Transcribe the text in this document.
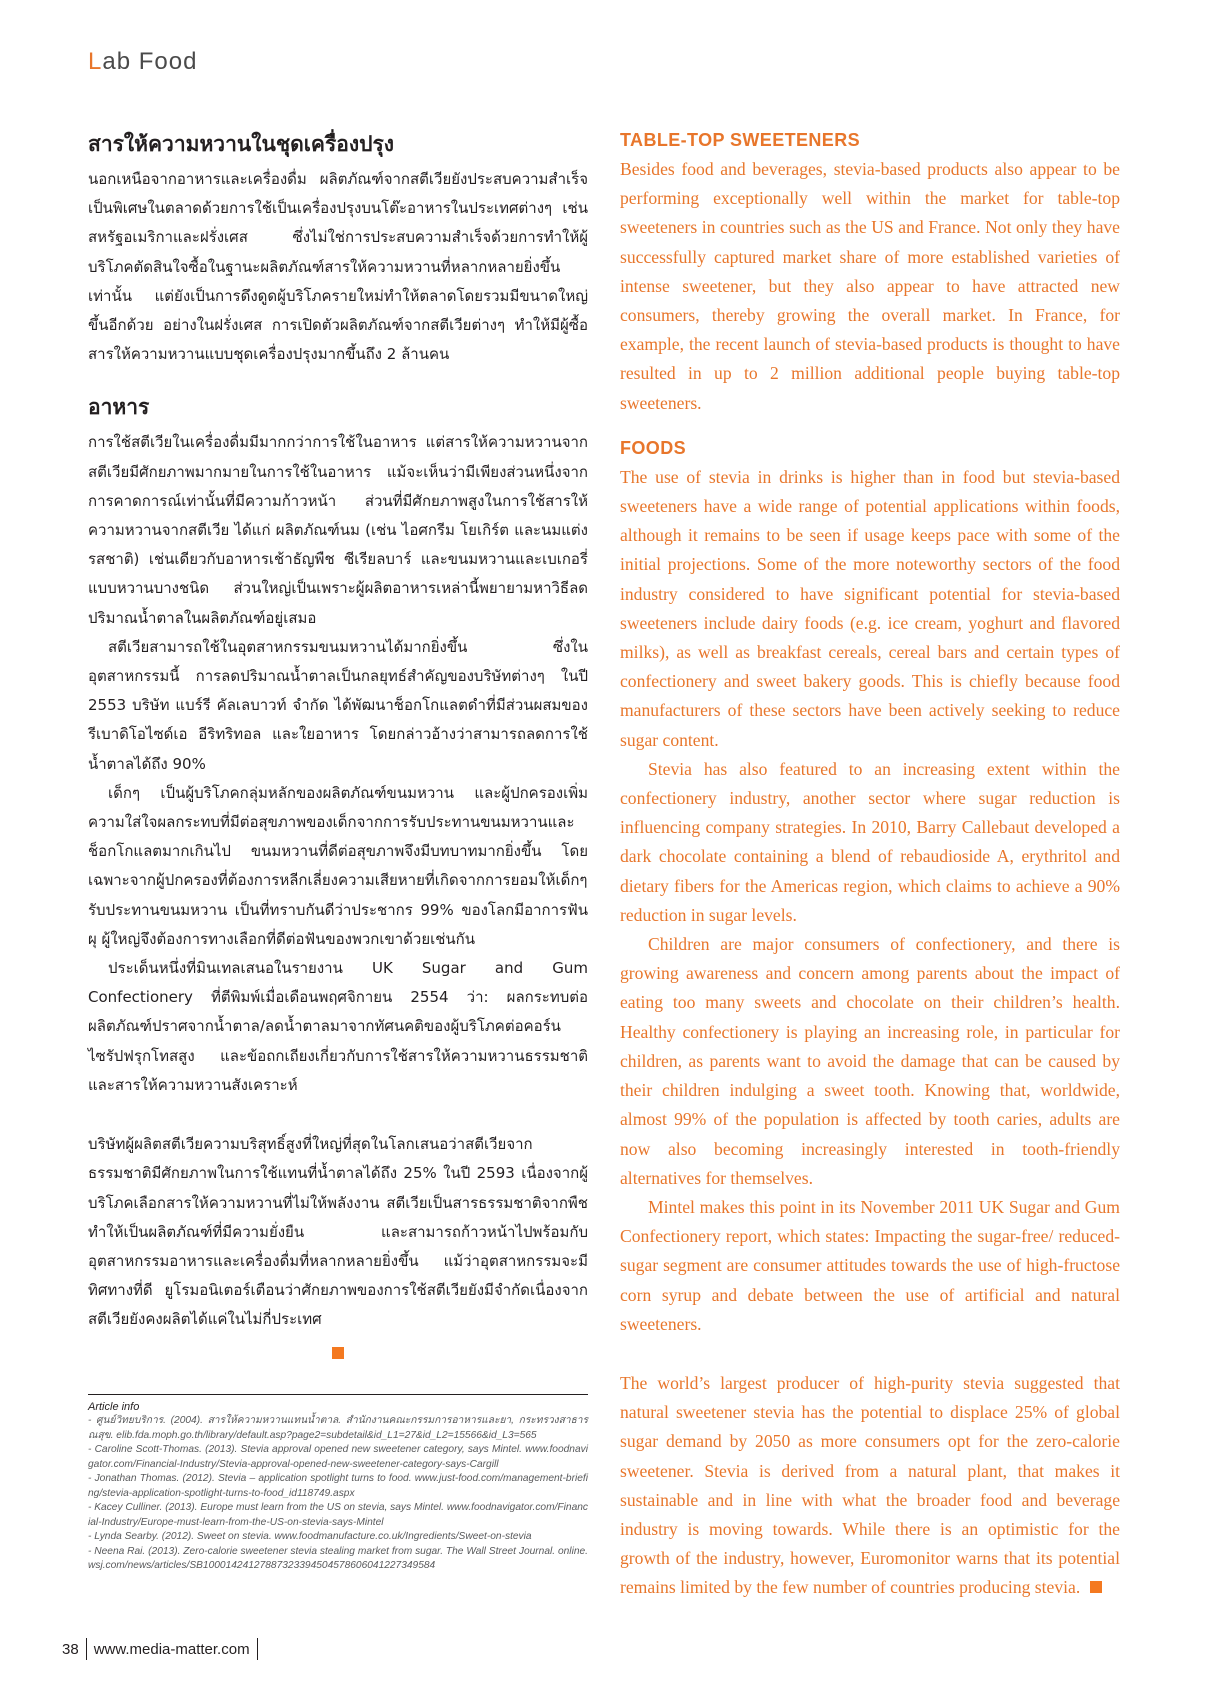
Lab Food
สารให้ความหวานในชุดเครื่องปรุง

นอกเหนือจากอาหารและเครื่องดื่ม ผลิตภัณฑ์จากสตีเวียยังประสบความสำเร็จเป็นพิเศษในตลาดด้วยการใช้เป็นเครื่องปรุงบนโต๊ะอาหารในประเทศต่างๆ เช่น สหรัฐอเมริกาและฝรั่งเศส ซึ่งไม่ใช่การประสบความสำเร็จด้วยการทำให้ผู้บริโภคตัดสินใจซื้อในฐานะผลิตภัณฑ์สารให้ความหวานที่หลากหลายยิ่งขึ้นเท่านั้น แต่ยังเป็นการดึงดูดผู้บริโภครายใหม่ทำให้ตลาดโดยรวมมีขนาดใหญ่ขึ้นอีกด้วย อย่างในฝรั่งเศส การเปิดตัวผลิตภัณฑ์จากสตีเวียต่างๆ ทำให้มีผู้ซื้อสารให้ความหวานแบบชุดเครื่องปรุงมากขึ้นถึง 2 ล้านคน

อาหาร

การใช้สตีเวียในเครื่องดื่มมีมากกว่าการใช้ในอาหาร แต่สารให้ความหวานจากสตีเวียมีศักยภาพมากมายในการใช้ในอาหาร แม้จะเห็นว่ามีเพียงส่วนหนึ่งจากการคาดการณ์เท่านั้นที่มีความก้าวหน้า ส่วนที่มีศักยภาพสูงในการใช้สารให้ความหวานจากสตีเวีย ได้แก่ ผลิตภัณฑ์นม (เช่น ไอศกรีม โยเกิร์ต และนมแต่งรสชาติ) เช่นเดียวกับอาหารเช้าธัญพืช ซีเรียลบาร์ และขนมหวานและเบเกอรี่แบบหวานบางชนิด ส่วนใหญ่เป็นเพราะผู้ผลิตอาหารเหล่านี้พยายามหาวิธีลดปริมาณน้ำตาลในผลิตภัณฑ์อยู่เสมอ

สตีเวียสามารถใช้ในอุตสาหกรรมขนมหวานได้มากยิ่งขึ้น ซึ่งในอุตสาหกรรมนี้ การลดปริมาณน้ำตาลเป็นกลยุทธ์สำคัญของบริษัทต่างๆ ในปี 2553 บริษัท แบร์รี คัลเลบาวท์ จำกัด ได้พัฒนาช็อกโกแลตดำที่มีส่วนผสมของรีเบาดิโอไซด์เอ อีริทริทอล และใยอาหาร โดยกล่าวอ้างว่าสามารถลดการใช้น้ำตาลได้ถึง 90%

เด็กๆ เป็นผู้บริโภคกลุ่มหลักของผลิตภัณฑ์ขนมหวาน และผู้ปกครองเพิ่มความใส่ใจผลกระทบที่มีต่อสุขภาพของเด็กจากการรับประทานขนมหวานและช็อกโกแลตมากเกินไป ขนมหวานที่ดีต่อสุขภาพจึงมีบทบาทมากยิ่งขึ้น โดยเฉพาะจากผู้ปกครองที่ต้องการหลีกเลี่ยงความเสียหายที่เกิดจากการยอมให้เด็กๆ รับประทานขนมหวาน เป็นที่ทราบกันดีว่าประชากร 99% ของโลกมีอาการฟันผุ ผู้ใหญ่จึงต้องการทางเลือกที่ดีต่อฟันของพวกเขาด้วยเช่นกัน

ประเด็นหนึ่งที่มินเทลเสนอในรายงาน UK Sugar and Gum Confectionery ที่ตีพิมพ์เมื่อเดือนพฤศจิกายน 2554 ว่า: ผลกระทบต่อผลิตภัณฑ์ปราศจากน้ำตาล/ลดน้ำตาลมาจากทัศนคติของผู้บริโภคต่อคอร์นไซรัปฟรุกโทสสูง และข้อถกเถียงเกี่ยวกับการใช้สารให้ความหวานธรรมชาติและสารให้ความหวานสังเคราะห์

บริษัทผู้ผลิตสตีเวียความบริสุทธิ์สูงที่ใหญ่ที่สุดในโลกเสนอว่าสตีเวียจากธรรมชาติมีศักยภาพในการใช้แทนที่น้ำตาลได้ถึง 25% ในปี 2593 เนื่องจากผู้บริโภคเลือกสารให้ความหวานที่ไม่ให้พลังงาน สตีเวียเป็นสารธรรมชาติจากพืช ทำให้เป็นผลิตภัณฑ์ที่มีความยั่งยืน และสามารถก้าวหน้าไปพร้อมกับอุตสาหกรรมอาหารและเครื่องดื่มที่หลากหลายยิ่งขึ้น แม้ว่าอุตสาหกรรมจะมีทิศทางที่ดี ยูโรมอนิเตอร์เตือนว่าศักยภาพของการใช้สตีเวียยังมีจำกัดเนื่องจากสตีเวียยังคงผลิตได้แค่ในไม่กี่ประเทศ

Article info
- ศูนย์วิทยบริการ. (2004). สารให้ความหวานแทนน้ำตาล. สำนักงานคณะกรรมการอาหารและยา, กระทรวงสาธารณสุข. elib.fda.moph.go.th/library/default.asp?page2=subdetail&id_L1=27&id_L2=15566&id_L3=565
- Caroline Scott-Thomas. (2013). Stevia approval opened new sweetener category, says Mintel. www.foodnavigator.com/Financial-Industry/Stevia-approval-opened-new-sweetener-category-says-Cargill
- Jonathan Thomas. (2012). Stevia – application spotlight turns to food. www.just-food.com/management-briefing/stevia-application-spotlight-turns-to-food_id118749.aspx
- Kacey Culliner. (2013). Europe must learn from the US on stevia, says Mintel. www.foodnavigator.com/Financial-Industry/Europe-must-learn-from-the-US-on-stevia-says-Mintel
- Lynda Searby. (2012). Sweet on stevia. www.foodmanufacture.co.uk/Ingredients/Sweet-on-stevia
- Neena Rai. (2013). Zero-calorie sweetener stevia stealing market from sugar. The Wall Street Journal. online.wsj.com/news/articles/SB10001424127887323394504578606041227349584
38 www.media-matter.com
TABLE-TOP SWEETENERS

Besides food and beverages, stevia-based products also appear to be performing exceptionally well within the market for table-top sweeteners in countries such as the US and France. Not only they have successfully captured market share of more established varieties of intense sweetener, but they also appear to have attracted new consumers, thereby growing the overall market. In France, for example, the recent launch of stevia-based products is thought to have resulted in up to 2 million additional people buying table-top sweeteners.

FOODS

The use of stevia in drinks is higher than in food but stevia-based sweeteners have a wide range of potential applications within foods, although it remains to be seen if usage keeps pace with some of the initial projections. Some of the more noteworthy sectors of the food industry considered to have significant potential for stevia-based sweeteners include dairy foods (e.g. ice cream, yoghurt and flavored milks), as well as breakfast cereals, cereal bars and certain types of confectionery and sweet bakery goods. This is chiefly because food manufacturers of these sectors have been actively seeking to reduce sugar content.

Stevia has also featured to an increasing extent within the confectionery industry, another sector where sugar reduction is influencing company strategies. In 2010, Barry Callebaut developed a dark chocolate containing a blend of rebaudioside A, erythritol and dietary fibers for the Americas region, which claims to achieve a 90% reduction in sugar levels.

Children are major consumers of confectionery, and there is growing awareness and concern among parents about the impact of eating too many sweets and chocolate on their children’s health. Healthy confectionery is playing an increasing role, in particular for children, as parents want to avoid the damage that can be caused by their children indulging a sweet tooth. Knowing that, worldwide, almost 99% of the population is affected by tooth caries, adults are now also becoming increasingly interested in tooth-friendly alternatives for themselves.

Mintel makes this point in its November 2011 UK Sugar and Gum Confectionery report, which states: Impacting the sugar-free/ reduced-sugar segment are consumer attitudes towards the use of high-fructose corn syrup and debate between the use of artificial and natural sweeteners.

The world’s largest producer of high-purity stevia suggested that natural sweetener stevia has the potential to displace 25% of global sugar demand by 2050 as more consumers opt for the zero-calorie sweetener. Stevia is derived from a natural plant, that makes it sustainable and in line with what the broader food and beverage industry is moving towards. While there is an optimistic for the growth of the industry, however, Euromonitor warns that its potential remains limited by the few number of countries producing stevia.
